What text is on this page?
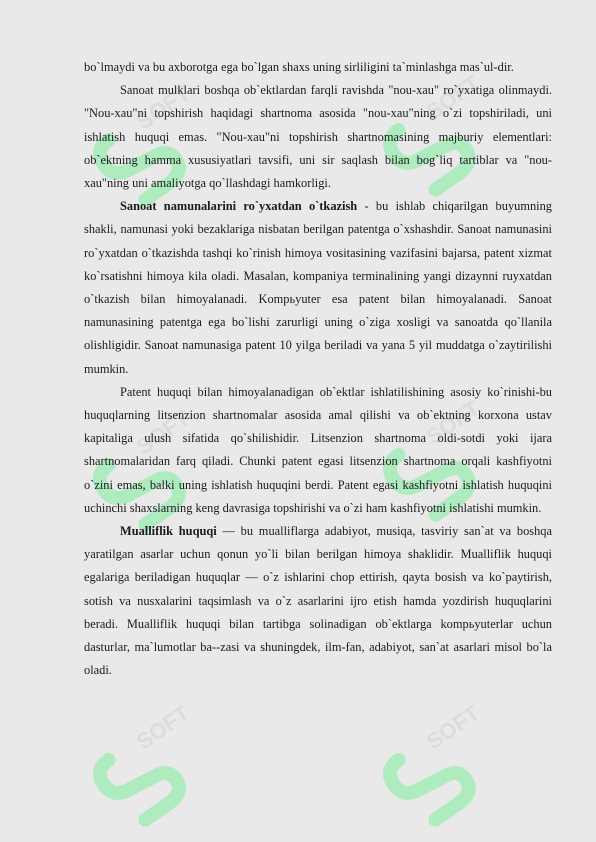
SOFT	SOFT
SOFT	SOFT
SOFT	SOFT

bo`lmaydi va bu axborotga ega bo`lgan shaxs uning sirliligini ta`minlashga mas`ul-dir.

Sanoat mulklari boshqa ob`ektlardan farqli ravishda "nou-xau" ro`yxatiga olinmaydi. "Nou-xau"ni topshirish haqidagi shartnoma asosida "nou-xau"ning o`zi topshiriladi, uni ishlatish huquqi emas. "Nou-xau"ni topshirish shartnomasining majburiy elementlari: ob`ektning hamma xususiyatlari tavsifi, uni sir saqlash bilan bog`liq tartiblar va "nou-xau"ning uni amaliyotga qo`llashdagi hamkorligi.

Sanoat namunalarini ro`yxatdan o`tkazish - bu ishlab chiqarilgan buyumning shakli, namunasi yoki bezaklariga nisbatan berilgan patentga o`xshashdir. Sanoat namunasini ro`yxatdan o`tkazishda tashqi ko`rinish himoya vositasining vazifasini bajarsa, patent xizmat ko`rsatishni himoya kila oladi. Masalan, kompaniya terminalining yangi dizaynni ruyxatdan o`tkazish bilan himoyalanadi. Kompьyuter esa patent bilan himoyalanadi. Sanoat namunasining patentga ega bo`lishi zarurligi uning o`ziga xosligi va sanoatda qo`llanila olishligidir. Sanoat namunasiga patent 10 yilga beriladi va yana 5 yil muddatga o`zaytirilishi mumkin.

Patent huquqi bilan himoyalanadigan ob`ektlar ishlatilishining asosiy ko`rinishi-bu huquqlarning litsenzion shartnomalar asosida amal qilishi va ob`ektning korxona ustav kapitaliga ulush sifatida qo`shilishidir. Litsenzion shartnoma oldi-sotdi yoki ijara shartnomalaridan farq qiladi. Chunki patent egasi litsenzion shartnoma orqali kashfiyotni o`zini emas, balki uning ishlatish huquqini berdi. Patent egasi kashfiyotni ishlatish huquqini uchinchi shaxslarning keng davrasiga topshirishi va o`zi ham kashfiyotni ishlatishi mumkin.

Mualliflik huquqi — bu mualliflarga adabiyot, musiqa, tasviriy san`at va boshqa yaratilgan asarlar uchun qonun yo`li bilan berilgan himoya shaklidir. Mualliflik huquqi egalariga beriladigan huquqlar — o`z ishlarini chop ettirish, qayta bosish va ko`paytirish, sotish va nusxalarini taqsimlash va o`z asarlarini ijro etish hamda yozdirish huquqlarini beradi. Mualliflik huquqi bilan tartibga solinadigan ob`ektlarga kompьyuterlar uchun dasturlar, ma`lumotlar ba--zasi va shuningdek, ilm-fan, adabiyot, san`at asarlari misol bo`la oladi.
